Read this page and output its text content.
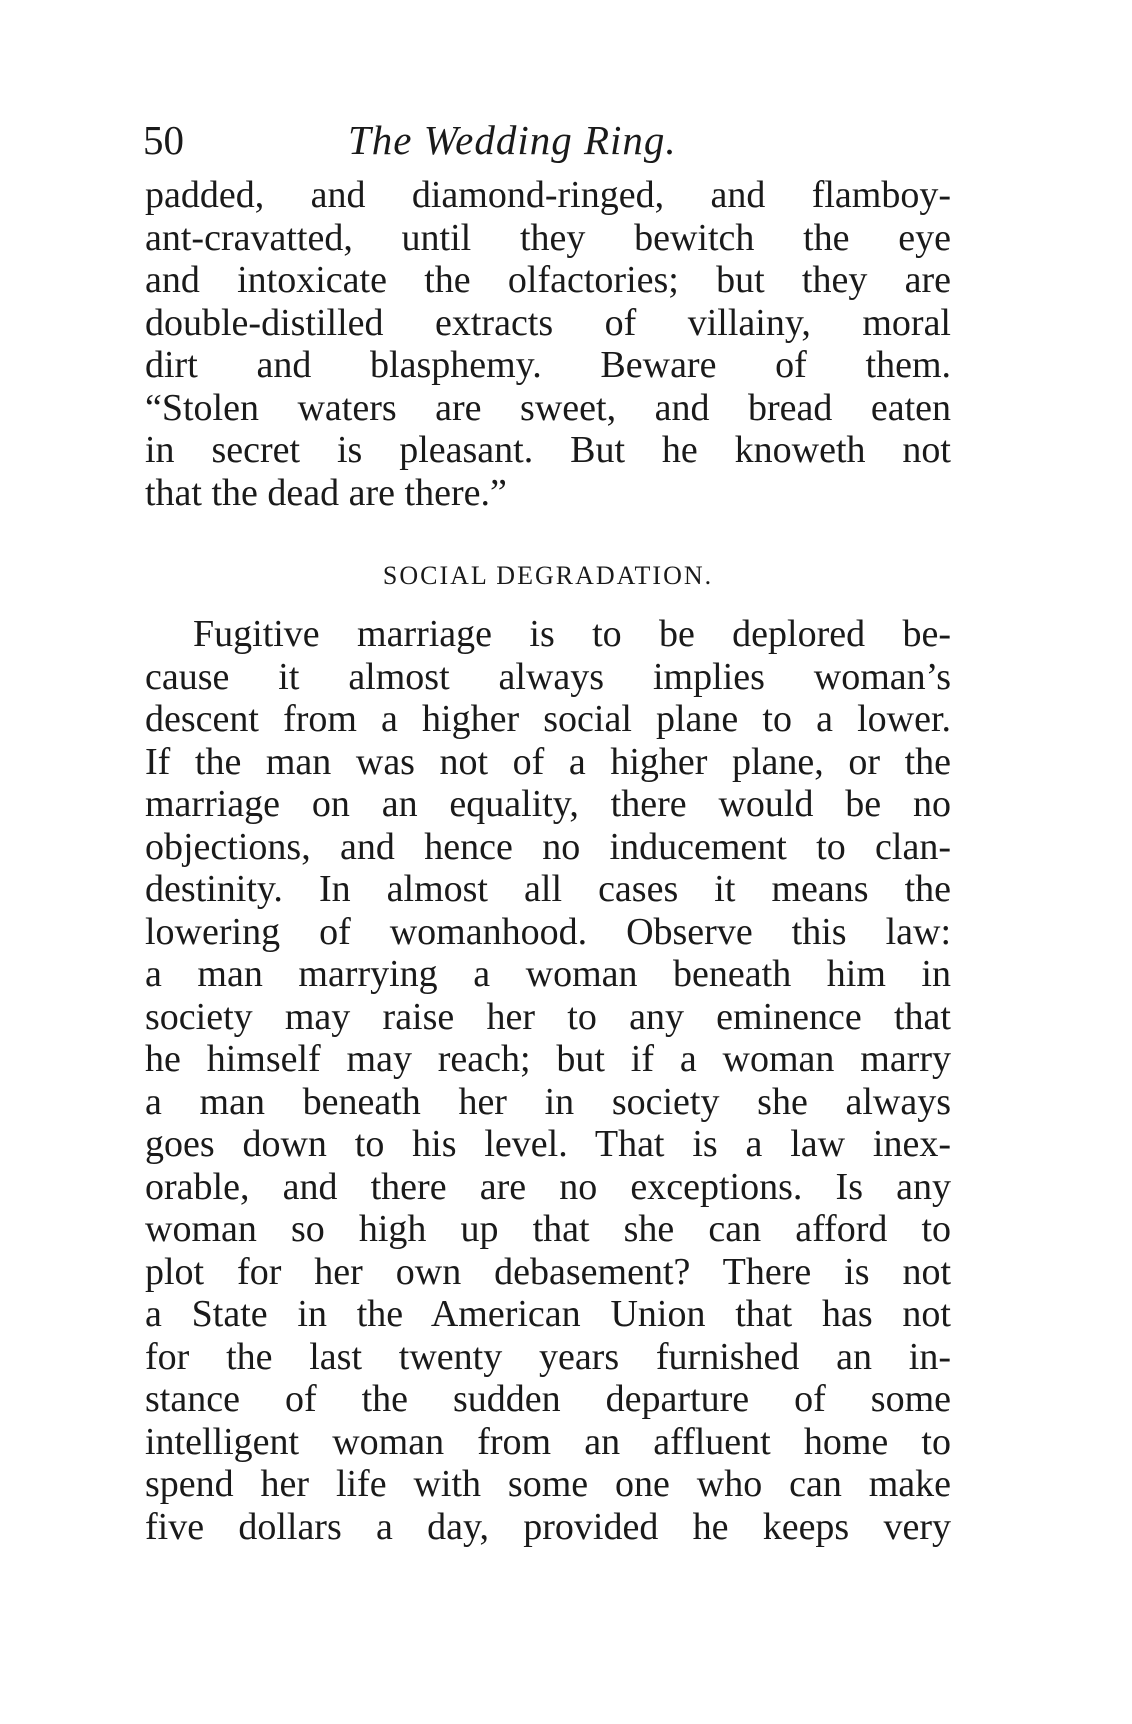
50	The Wedding Ring.
padded, and diamond-ringed, and flamboy-
ant-cravatted, until they bewitch the eye
and intoxicate the olfactories; but they are
double-distilled extracts of villainy, moral
dirt and blasphemy. Beware of them.
“Stolen waters are sweet, and bread eaten
in secret is pleasant. But he knoweth not
that the dead are there.”
SOCIAL DEGRADATION.
Fugitive marriage is to be deplored be-
cause it almost always implies woman’s
descent from a higher social plane to a lower.
If the man was not of a higher plane, or the
marriage on an equality, there would be no
objections, and hence no inducement to clan-
destinity. In almost all cases it means the
lowering of womanhood. Observe this law:
a man marrying a woman beneath him in
society may raise her to any eminence that
he himself may reach; but if a woman marry
a man beneath her in society she always
goes down to his level. That is a law inex-
orable, and there are no exceptions. Is any
woman so high up that she can afford to
plot for her own debasement? There is not
a State in the American Union that has not
for the last twenty years furnished an in-
stance of the sudden departure of some
intelligent woman from an affluent home to
spend her life with some one who can make
five dollars a day, provided he keeps very
